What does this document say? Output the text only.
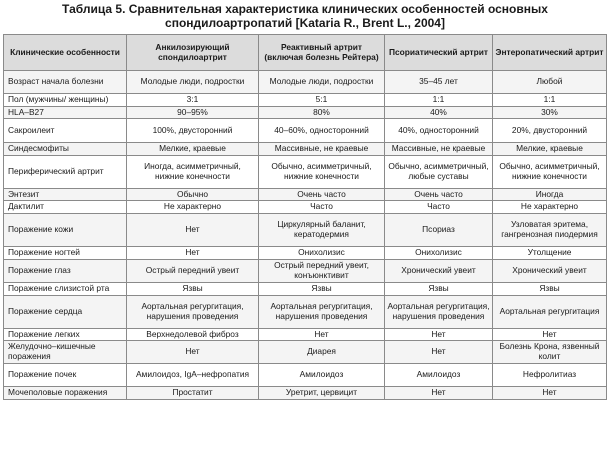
Таблица 5. Сравнительная характеристика клинических особенностей основных
спондилоартропатий [Kataria R., Brent L., 2004]
Клинические особенности	Анкилозирующий спондилоартрит	Реактивный артрит (включая болезнь Рейтера)	Псориатический артрит	Энтеропатический артрит
Возраст начала болезни	Молодые люди, подростки	Молодые люди, подростки	35–45 лет	Любой
Пол (мужчины/ женщины)	3:1	5:1	1:1	1:1
HLA–B27	90–95%	80%	40%	30%
Сакроилеит	100%, двусторонний	40–60%, односторонний	40%, односторонний	20%, двусторонний
Синдесмофиты	Мелкие, краевые	Массивные, не краевые	Массивные, не краевые	Мелкие, краевые
Периферический артрит	Иногда, асимметричный, нижние конечности	Обычно, асимметричный, нижние конечности	Обычно, асимметричный, любые суставы	Обычно, асимметричный, нижние конечности
Энтезит	Обычно	Очень часто	Очень часто	Иногда
Дактилит	Не характерно	Часто	Часто	Не характерно
Поражение кожи	Нет	Циркулярный баланит, кератодермия	Псориаз	Узловатая эритема, гангренозная пиодермия
Поражение ногтей	Нет	Онихолизис	Онихолизис	Утолщение
Поражение глаз	Острый передний увеит	Острый передний увеит, конъюнктивит	Хронический увеит	Хронический увеит
Поражение слизистой рта	Язвы	Язвы	Язвы	Язвы
Поражение сердца	Аортальная регургитация, нарушения проведения	Аортальная регургитация, нарушения проведения	Аортальная регургитация, нарушения проведения	Аортальная регургитация
Поражение легких	Верхнедолевой фиброз	Нет	Нет	Нет
Желудочно–кишечные поражения	Нет	Диарея	Нет	Болезнь Крона, язвенный колит
Поражение почек	Амилоидоз, IgA–нефропатия	Амилоидоз	Амилоидоз	Нефролитиаз
Мочеполовые поражения	Простатит	Уретрит, цервицит	Нет	Нет
